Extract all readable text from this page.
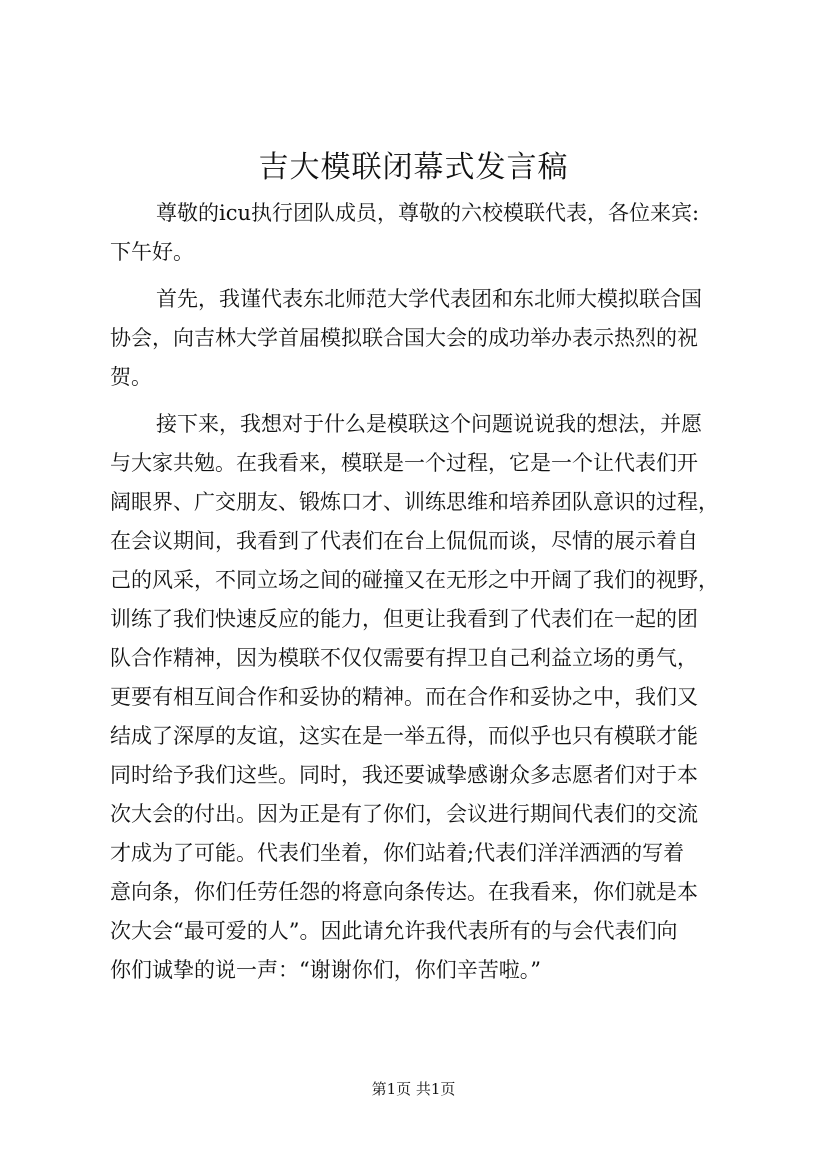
吉大模联闭幕式发言稿

尊敬的icu执行团队成员，尊敬的六校模联代表，各位来宾:

下午好。

首先，我谨代表东北师范大学代表团和东北师大模拟联合国

协会，向吉林大学首届模拟联合国大会的成功举办表示热烈的祝

贺。

接下来，我想对于什么是模联这个问题说说我的想法，并愿

与大家共勉。在我看来，模联是一个过程，它是一个让代表们开

阔眼界、广交朋友、锻炼口才、训练思维和培养团队意识的过程，

在会议期间，我看到了代表们在台上侃侃而谈，尽情的展示着自

己的风采，不同立场之间的碰撞又在无形之中开阔了我们的视野，

训练了我们快速反应的能力，但更让我看到了代表们在一起的团

队合作精神，因为模联不仅仅需要有捍卫自己利益立场的勇气，

更要有相互间合作和妥协的精神。而在合作和妥协之中，我们又

结成了深厚的友谊，这实在是一举五得，而似乎也只有模联才能

同时给予我们这些。同时，我还要诚挚感谢众多志愿者们对于本

次大会的付出。因为正是有了你们，会议进行期间代表们的交流

才成为了可能。代表们坐着，你们站着;代表们洋洋洒洒的写着

意向条，你们任劳任怨的将意向条传达。在我看来，你们就是本

次大会“最可爱的人”。因此请允许我代表所有的与会代表们向

你们诚挚的说一声：“谢谢你们，你们辛苦啦。”

第1页 共1页
